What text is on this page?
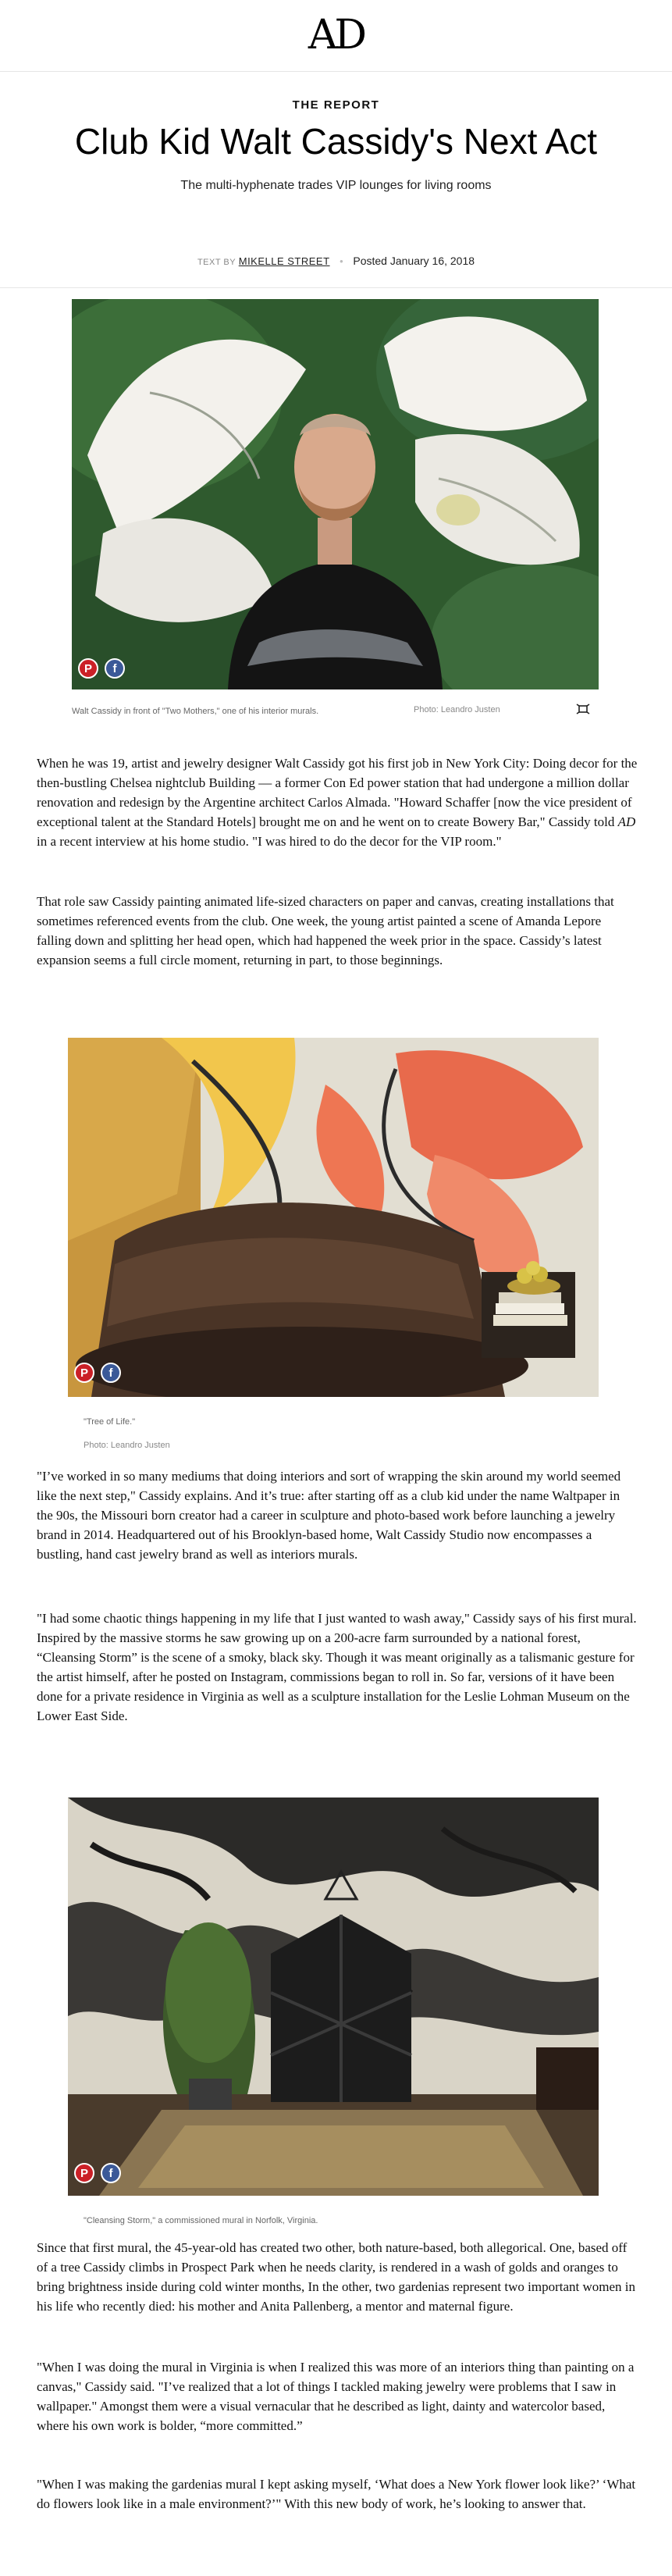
AD
THE REPORT
Club Kid Walt Cassidy's Next Act
The multi-hyphenate trades VIP lounges for living rooms
TEXT BY MIKELLE STREET • Posted January 16, 2018
P	f
Walt Cassidy in front of "Two Mothers," one of his interior murals.	Photo: Leandro Justen

When he was 19, artist and jewelry designer Walt Cassidy got his first job in New York City: Doing decor for the then-bustling Chelsea nightclub Building — a former Con Ed power station that had undergone a million dollar renovation and redesign by the Argentine architect Carlos Almada. "Howard Schaffer [now the vice president of exceptional talent at the Standard Hotels] brought me on and he went on to create Bowery Bar," Cassidy told AD in a recent interview at his home studio. "I was hired to do the decor for the VIP room."

That role saw Cassidy painting animated life-sized characters on paper and canvas, creating installations that sometimes referenced events from the club. One week, the young artist painted a scene of Amanda Lepore falling down and splitting her head open, which had happened the week prior in the space. Cassidy’s latest expansion seems a full circle moment, returning in part, to those beginnings.

P	f
"Tree of Life."
Photo: Leandro Justen

"I’ve worked in so many mediums that doing interiors and sort of wrapping the skin around my world seemed like the next step," Cassidy explains. And it’s true: after starting off as a club kid under the name Waltpaper in the 90s, the Missouri born creator had a career in sculpture and photo-based work before launching a jewelry brand in 2014. Headquartered out of his Brooklyn-based home, Walt Cassidy Studio now encompasses a bustling, hand cast jewelry brand as well as interiors murals.

"I had some chaotic things happening in my life that I just wanted to wash away," Cassidy says of his first mural. Inspired by the massive storms he saw growing up on a 200-acre farm surrounded by a national forest, “Cleansing Storm” is the scene of a smoky, black sky. Though it was meant originally as a talismanic gesture for the artist himself, after he posted on Instagram, commissions began to roll in. So far, versions of it have been done for a private residence in Virginia as well as a sculpture installation for the Leslie Lohman Museum on the Lower East Side.

P	f
"Cleansing Storm," a commissioned mural in Norfolk, Virginia.

Since that first mural, the 45-year-old has created two other, both nature-based, both allegorical. One, based off of a tree Cassidy climbs in Prospect Park when he needs clarity, is rendered in a wash of golds and oranges to bring brightness inside during cold winter months, In the other, two gardenias represent two important women in his life who recently died: his mother and Anita Pallenberg, a mentor and maternal figure.

"When I was doing the mural in Virginia is when I realized this was more of an interiors thing than painting on a canvas," Cassidy said. "I’ve realized that a lot of things I tackled making jewelry were problems that I saw in wallpaper." Amongst them were a visual vernacular that he described as light, dainty and watercolor based, where his own work is bolder, “more committed.”

"When I was making the gardenias mural I kept asking myself, ‘What does a New York flower look like?’ ‘What do flowers look like in a male environment?’" With this new body of work, he’s looking to answer that.
